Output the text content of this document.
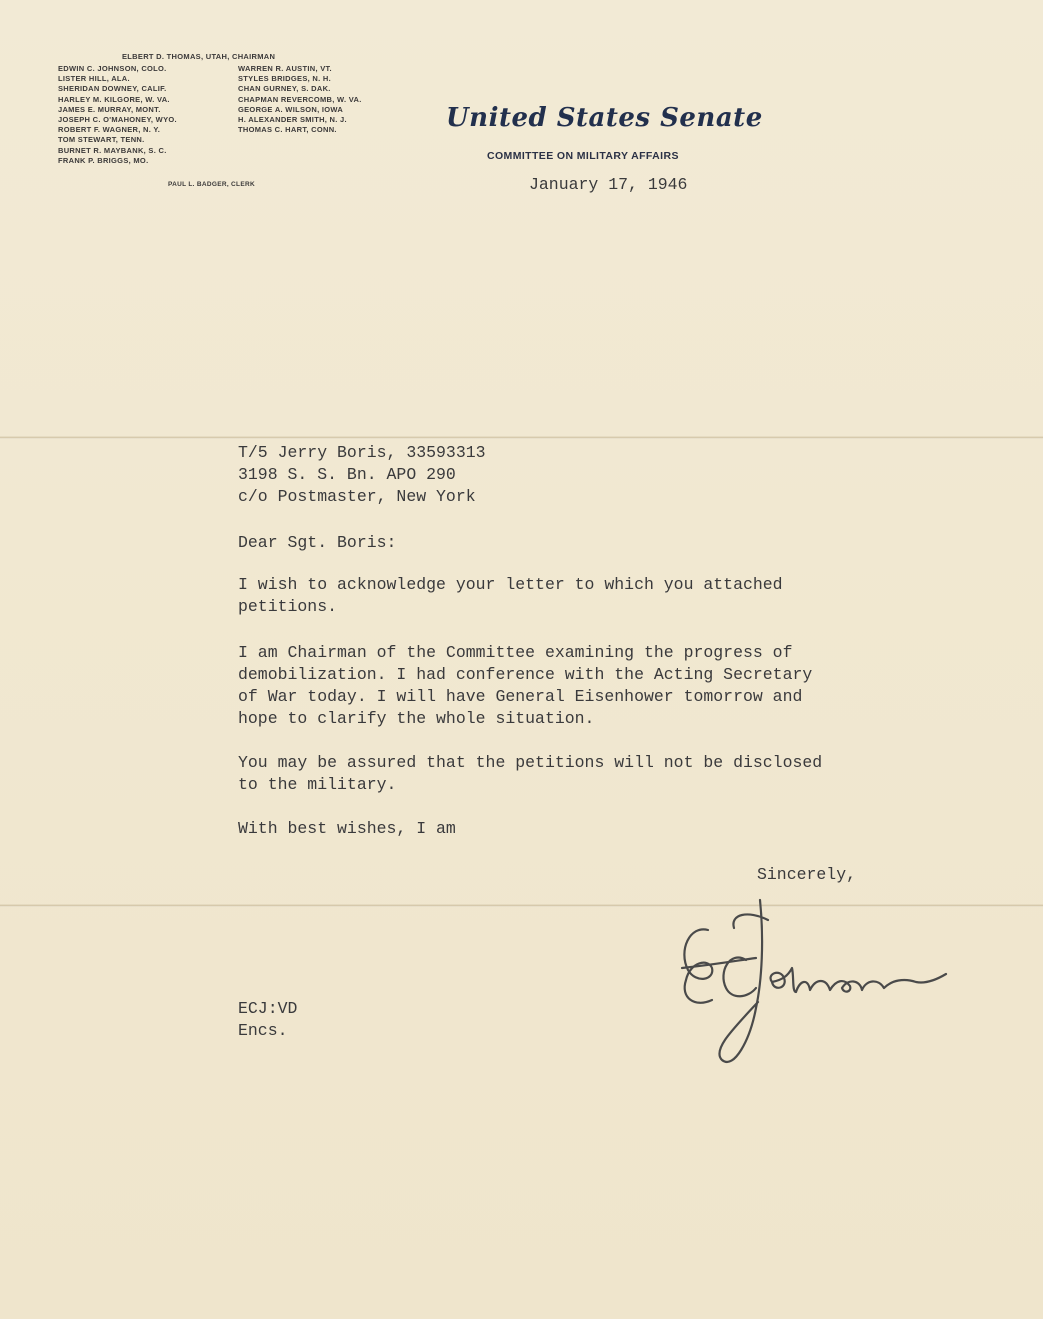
ELBERT D. THOMAS, UTAH, CHAIRMAN
EDWIN C. JOHNSON, COLO.
LISTER HILL, ALA.
SHERIDAN DOWNEY, CALIF.
HARLEY M. KILGORE, W. VA.
JAMES E. MURRAY, MONT.
JOSEPH C. O'MAHONEY, WYO.
ROBERT F. WAGNER, N. Y.
TOM STEWART, TENN.
BURNET R. MAYBANK, S. C.
FRANK P. BRIGGS, MO.
WARREN R. AUSTIN, VT.
STYLES BRIDGES, N. H.
CHAN GURNEY, S. DAK.
CHAPMAN REVERCOMB, W. VA.
GEORGE A. WILSON, IOWA
H. ALEXANDER SMITH, N. J.
THOMAS C. HART, CONN.
PAUL L. BADGER, CLERK
United States Senate
COMMITTEE ON MILITARY AFFAIRS
January 17, 1946
T/5 Jerry Boris, 33593313
3198 S. S. Bn. APO 290
c/o Postmaster, New York
Dear Sgt. Boris:
I wish to acknowledge your letter to which you attached
petitions.
I am Chairman of the Committee examining the progress of
demobilization. I had conference with the Acting Secretary
of War today. I will have General Eisenhower tomorrow and
hope to clarify the whole situation.
You may be assured that the petitions will not be disclosed
to the military.
With best wishes, I am
Sincerely,
ECJ:VD
Encs.
